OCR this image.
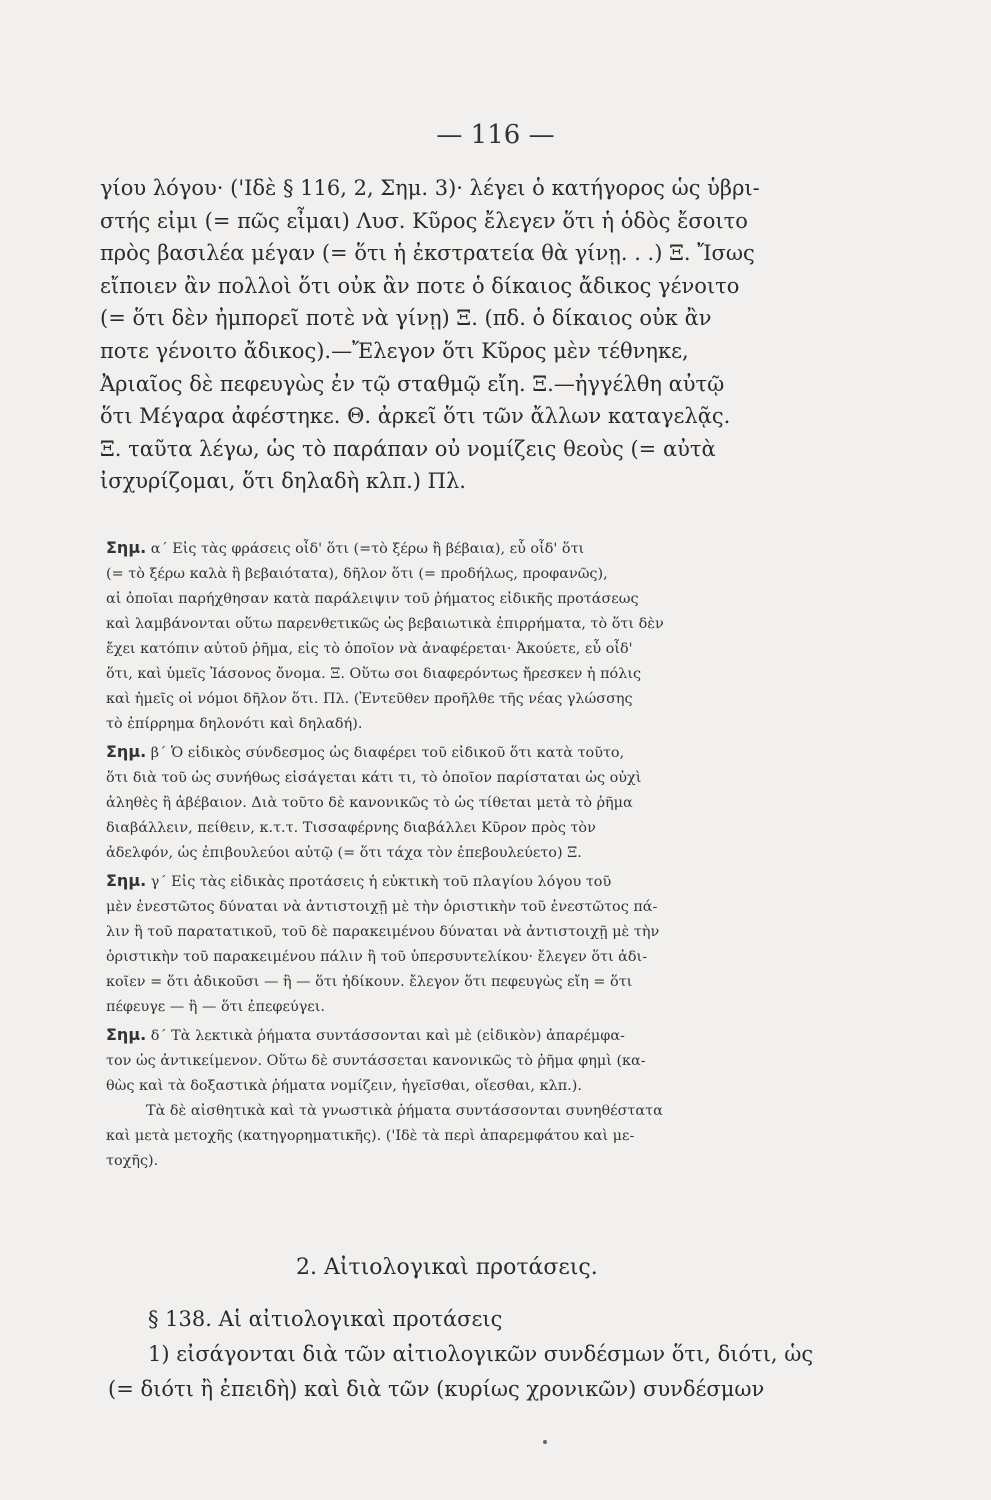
— 116 —
γίου λόγου· ('Ιδὲ § 116, 2, Σημ. 3)· λέγει ὁ κατήγορος ὡς ὑβρι-
στής εἰμι (= πῶς εἶμαι) Λυσ. Κῦρος ἔλεγεν ὅτι ἡ ὁδὸς ἔσοιτο
πρὸς βασιλέα μέγαν (= ὅτι ἡ ἐκστρατεία θὰ γίνῃ. . .) Ξ. Ἴσως
εἴποιεν ἂν πολλοὶ ὅτι οὐκ ἂν ποτε ὁ δίκαιος ἄδικος γένοιτο
(= ὅτι δὲν ἠμπορεῖ ποτὲ νὰ γίνῃ) Ξ. (πδ. ὁ δίκαιος οὐκ ἂν
ποτε γένοιτο ἄδικος).—Ἔλεγον ὅτι Κῦρος μὲν τέθνηκε,
Ἀριαῖος δὲ πεφευγὼς ἐν τῷ σταθμῷ εἴη. Ξ.—ἠγγέλθη αὐτῷ
ὅτι Μέγαρα ἀφέστηκε. Θ. ἀρκεῖ ὅτι τῶν ἄλλων καταγελᾷς.
Ξ. ταῦτα λέγω, ὡς τὸ παράπαν οὐ νομίζεις θεοὺς (= αὐτὰ
ἰσχυρίζομαι, ὅτι δηλαδὴ κλπ.) Πλ.
Σημ. α΄ Εἰς τὰς φράσεις οἶδ' ὅτι (=τὸ ξέρω ἢ βέβαια), εὖ οἶδ' ὅτι
(= τὸ ξέρω καλὰ ἢ βεβαιότατα), δῆλον ὅτι (= προδήλως, προφανῶς),
αἱ ὁποῖαι παρήχθησαν κατὰ παράλειψιν τοῦ ῥήματος εἰδικῆς προτάσεως
καὶ λαμβάνονται οὕτω παρενθετικῶς ὡς βεβαιωτικὰ ἐπιρρήματα, τὸ ὅτι δὲν
ἔχει κατόπιν αὐτοῦ ῥῆμα, εἰς τὸ ὁποῖον νὰ ἀναφέρεται· Ἀκούετε, εὖ οἶδ'
ὅτι, καὶ ὑμεῖς Ἰάσονος ὄνομα. Ξ. Οὕτω σοι διαφερόντως ἤρεσκεν ἡ πόλις
καὶ ἡμεῖς οἱ νόμοι δῆλον ὅτι. Πλ. (Ἐντεῦθεν προῆλθε τῆς νέας γλώσσης
τὸ ἐπίρρημα δηλονότι καὶ δηλαδή).
Σημ. β΄ Ὁ εἰδικὸς σύνδεσμος ὡς διαφέρει τοῦ εἰδικοῦ ὅτι κατὰ τοῦτο,
ὅτι διὰ τοῦ ὡς συνήθως εἰσάγεται κάτι τι, τὸ ὁποῖον παρίσταται ὡς οὐχὶ
ἀληθὲς ἢ ἀβέβαιον. Διὰ τοῦτο δὲ κανονικῶς τὸ ὡς τίθεται μετὰ τὸ ῥῆμα
διαβάλλειν, πείθειν, κ.τ.τ. Τισσαφέρνης διαβάλλει Κῦρον πρὸς τὸν
ἀδελφόν, ὡς ἐπιβουλεύοι αὐτῷ (= ὅτι τάχα τὸν ἐπεβουλεύετο) Ξ.
Σημ. γ΄ Εἰς τὰς εἰδικὰς προτάσεις ἡ εὐκτικὴ τοῦ πλαγίου λόγου τοῦ
μὲν ἐνεστῶτος δύναται νὰ ἀντιστοιχῇ μὲ τὴν ὁριστικὴν τοῦ ἐνεστῶτος πά-
λιν ἢ τοῦ παρατατικοῦ, τοῦ δὲ παρακειμένου δύναται νὰ ἀντιστοιχῇ μὲ τὴν
ὁριστικὴν τοῦ παρακειμένου πάλιν ἢ τοῦ ὑπερσυντελίκου· ἔλεγεν ὅτι ἀδι-
κοῖεν = ὅτι ἀδικοῦσι — ἢ — ὅτι ἠδίκουν. ἔλεγον ὅτι πεφευγὼς εἴη = ὅτι
πέφευγε — ἢ — ὅτι ἐπεφεύγει.
Σημ. δ΄ Τὰ λεκτικὰ ῥήματα συντάσσονται καὶ μὲ (εἰδικὸν) ἀπαρέμφα-
τον ὡς ἀντικείμενον. Οὕτω δὲ συντάσσεται κανονικῶς τὸ ῥῆμα φημὶ (κα-
θὼς καὶ τὰ δοξαστικὰ ῥήματα νομίζειν, ἡγεῖσθαι, οἴεσθαι, κλπ.).
Τὰ δὲ αἰσθητικὰ καὶ τὰ γνωστικὰ ῥήματα συντάσσονται συνηθέστατα
καὶ μετὰ μετοχῆς (κατηγορηματικῆς). ('Ιδὲ τὰ περὶ ἀπαρεμφάτου καὶ με-
τοχῆς).
2. Αἰτιολογικαὶ προτάσεις.
§ 138. Αἱ αἰτιολογικαὶ προτάσεις
1) εἰσάγονται διὰ τῶν αἰτιολογικῶν συνδέσμων ὅτι, διότι, ὡς
(= διότι ἢ ἐπειδὴ) καὶ διὰ τῶν (κυρίως χρονικῶν) συνδέσμων
